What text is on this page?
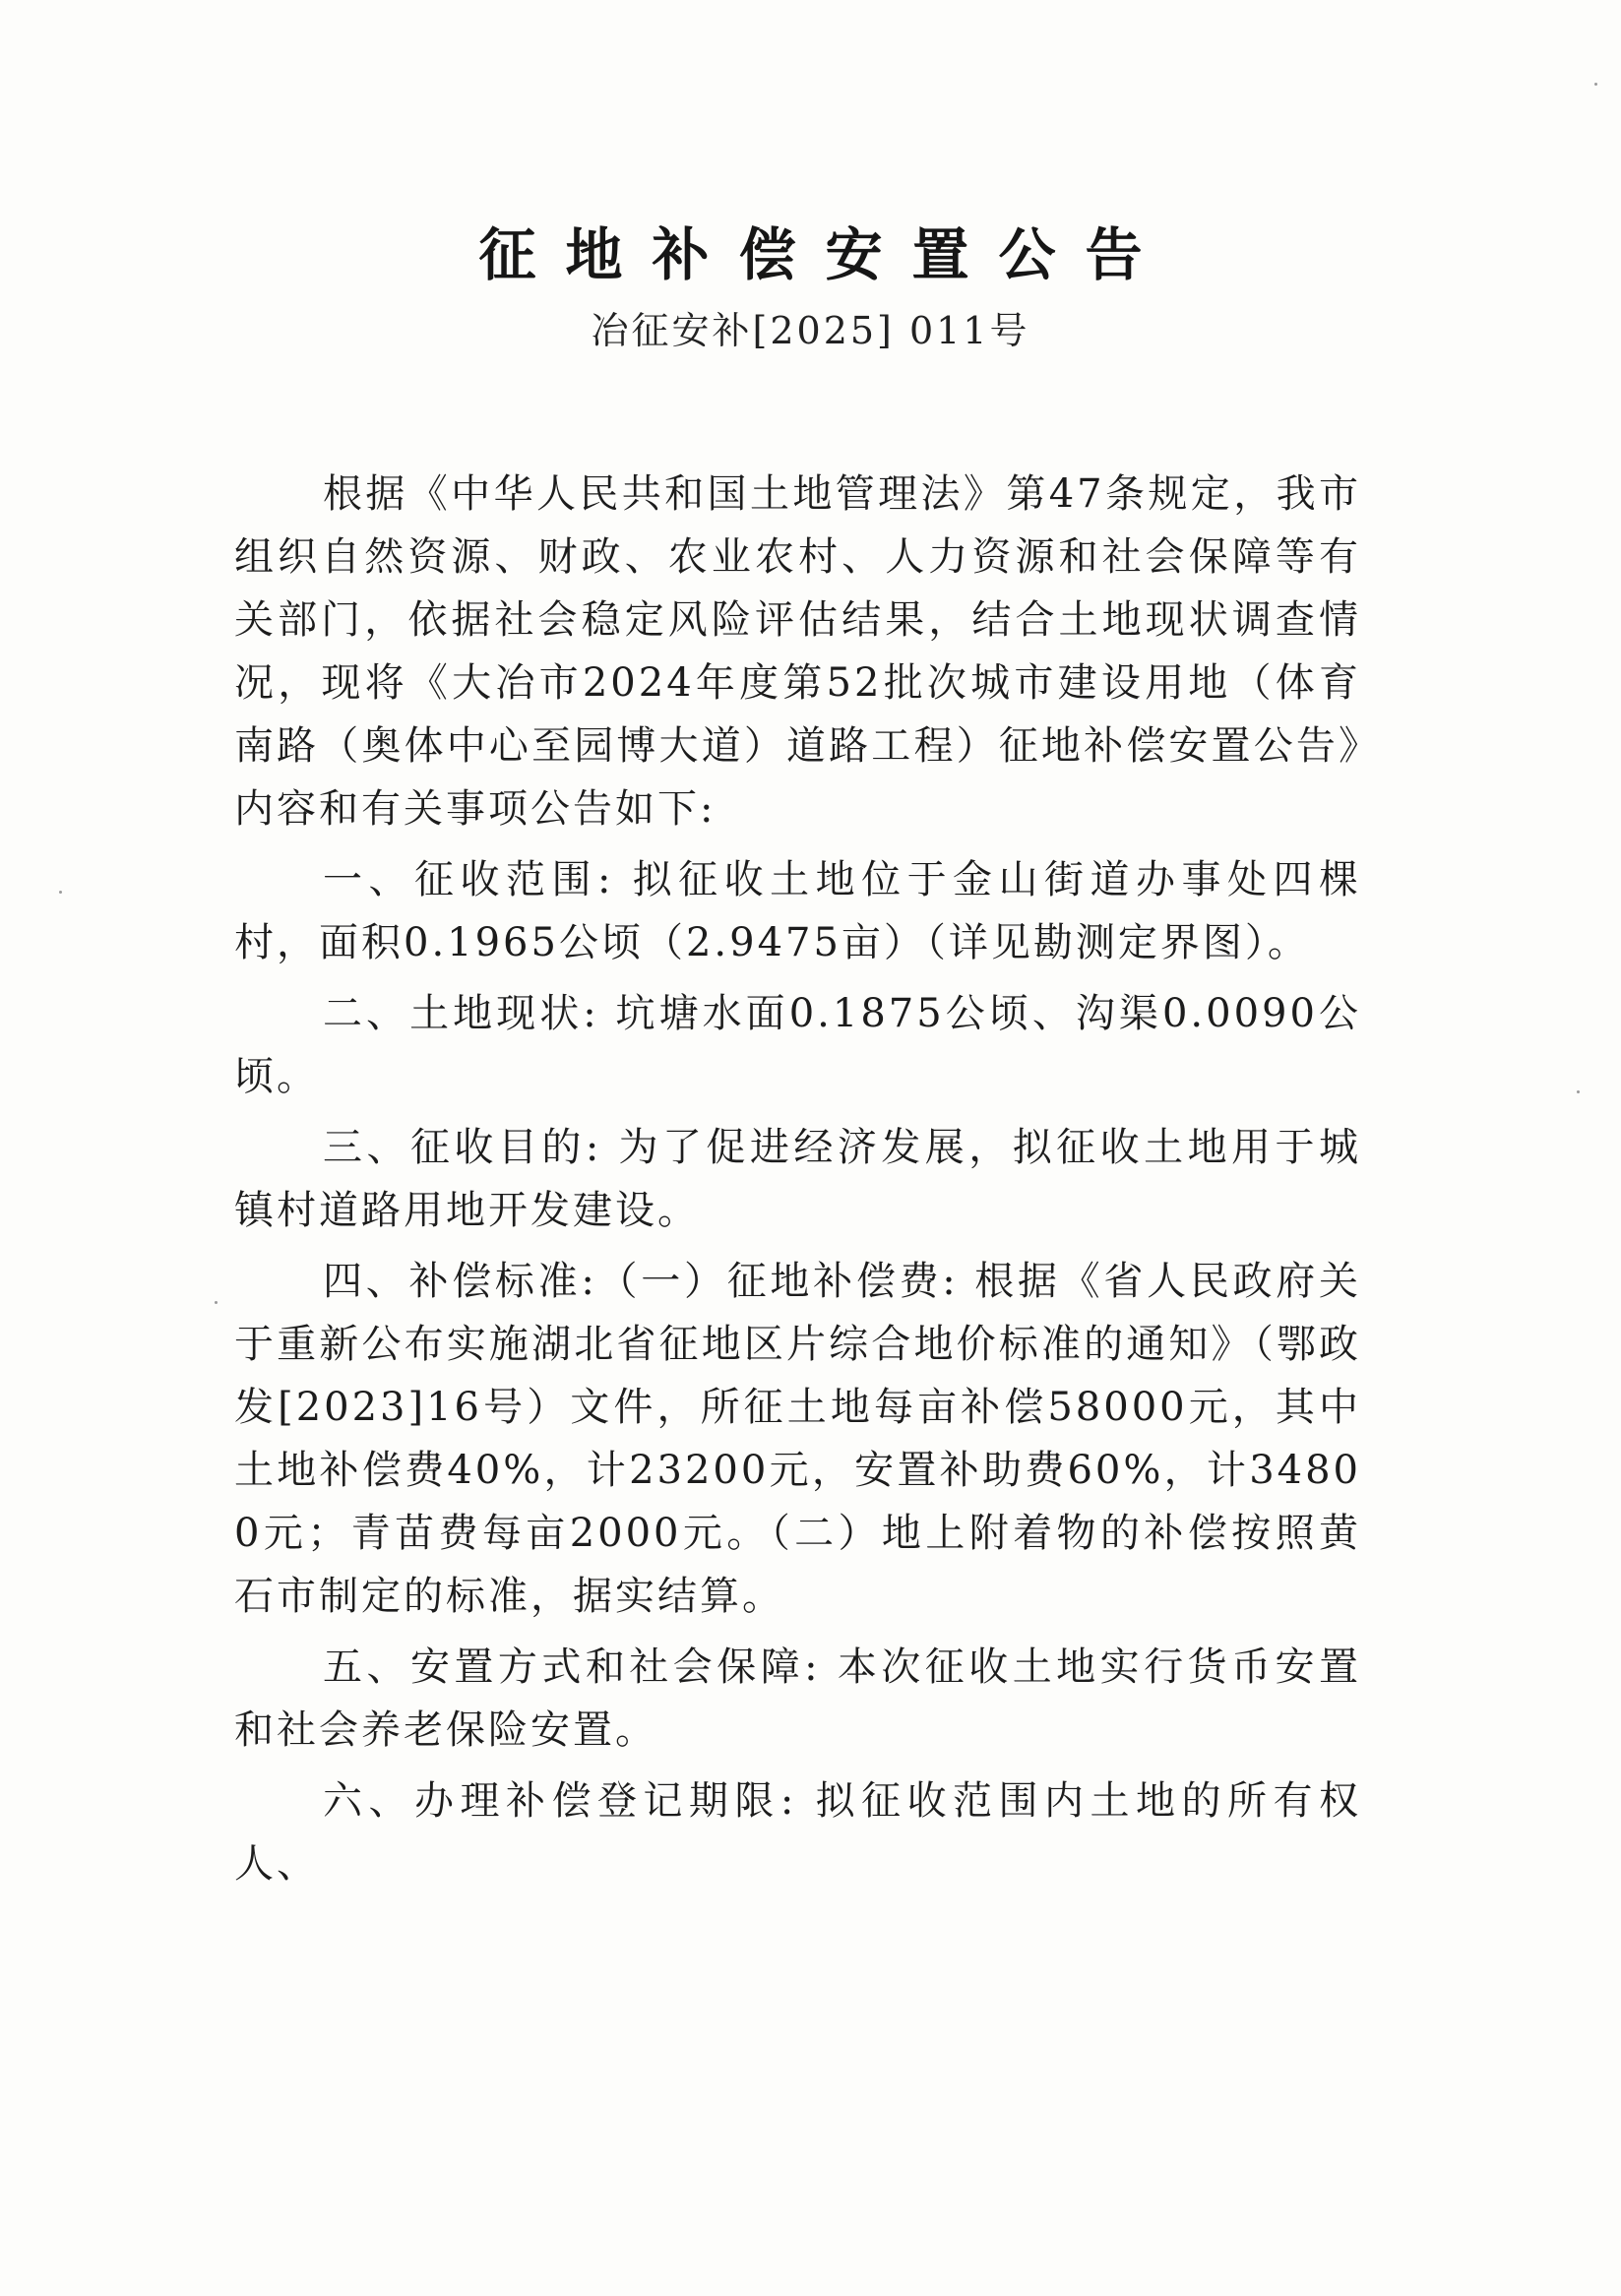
征地补偿安置公告
冶征安补[2025] 011号

根据《中华人民共和国土地管理法》第47条规定，我市组织自然资源、财政、农业农村、人力资源和社会保障等有关部门，依据社会稳定风险评估结果，结合土地现状调查情况，现将《大冶市2024年度第52批次城市建设用地（体育南路（奥体中心至园博大道）道路工程）征地补偿安置公告》内容和有关事项公告如下:

一、征收范围: 拟征收土地位于金山街道办事处四棵村，面积0.1965公顷（2.9475亩）（详见勘测定界图）。

二、土地现状: 坑塘水面0.1875公顷、沟渠0.0090公顷。

三、征收目的: 为了促进经济发展，拟征收土地用于城镇村道路用地开发建设。

四、补偿标准:（一）征地补偿费: 根据《省人民政府关于重新公布实施湖北省征地区片综合地价标准的通知》（鄂政发[2023]16号）文件，所征土地每亩补偿58000元，其中土地补偿费40%，计23200元，安置补助费60%，计34800元；青苗费每亩2000元。（二）地上附着物的补偿按照黄石市制定的标准，据实结算。

五、安置方式和社会保障: 本次征收土地实行货币安置和社会养老保险安置。

六、办理补偿登记期限: 拟征收范围内土地的所有权人、
